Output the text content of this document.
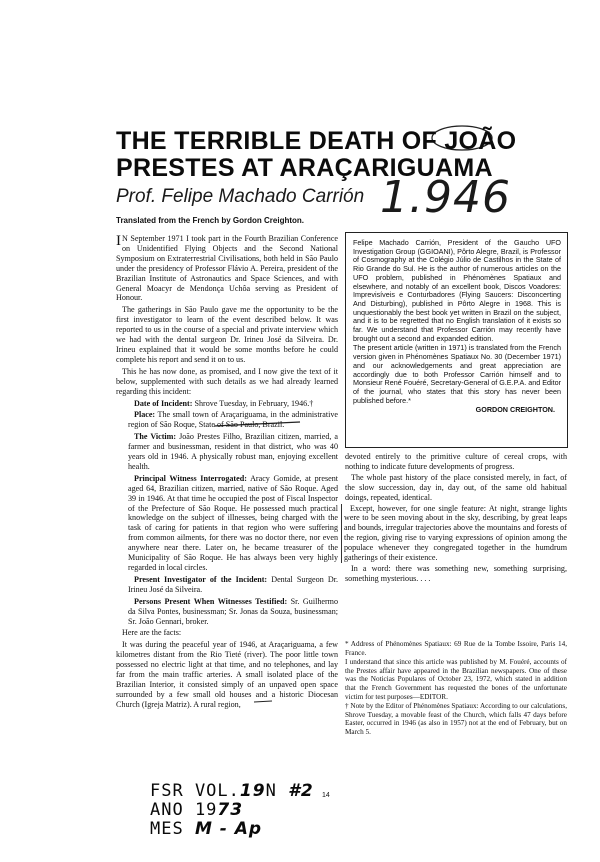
THE TERRIBLE DEATH OF JOÃO
PRESTES AT ARAÇARIGUAMA
Prof. Felipe Machado Carrión 1.946
Translated from the French by Gordon Creighton.

I N September 1971 I took part in the Fourth Brazilian Conference on Unidentified Flying Objects and the Second National Symposium on Extraterrestrial Civilisations, both held in São Paulo under the presidency of Professor Flávio A. Pereira, president of the Brazilian Institute of Astronautics and Space Sciences, and with General Moacyr de Mendonça Uchôa serving as President of Honour.

The gatherings in São Paulo gave me the opportunity to be the first investigator to learn of the event described below. It was reported to us in the course of a special and private interview which we had with the dental surgeon Dr. Irineu José da Silveira. Dr. Irineu explained that it would be some months before he could complete his report and send it on to us.

This he has now done, as promised, and I now give the text of it below, supplemented with such details as we had already learned regarding this incident:

Date of Incident: Shrove Tuesday, in February, 1946.†

Place: The small town of Araçariguama, in the administrative region of São Roque, State of São Paulo, Brazil.

The Victim: João Prestes Filho, Brazilian citizen, married, a farmer and businessman, resident in that district, who was 40 years old in 1946. A physically robust man, enjoying excellent health.

Principal Witness Interrogated: Aracy Gomide, at present aged 64, Brazilian citizen, married, native of São Roque. Aged 39 in 1946. At that time he occupied the post of Fiscal Inspector of the Prefecture of São Roque. He possessed much practical knowledge on the subject of illnesses, being charged with the task of caring for patients in that region who were suffering from common ailments, for there was no doctor there, nor even anywhere near there. Later on, he became treasurer of the Municipality of São Roque. He has always been very highly regarded in local circles.

Present Investigator of the Incident: Dental Surgeon Dr. Irineu José da Silveira.

Persons Present When Witnesses Testified: Sr. Guilhermo da Silva Pontes, businessman; Sr. Jonas da Souza, businessman; Sr. João Gennari, broker.

Here are the facts:

It was during the peaceful year of 1946, at Araçariguama, a few kilometres distant from the Rio Tieté (river). The poor little town possessed no electric light at that time, and no telephones, and lay far from the main traffic arteries. A small isolated place of the Brazilian Interior, it consisted simply of an unpaved open space surrounded by a few small old houses and a historic Diocesan Church (Igreja Matriz). A rural region,

Felipe Machado Carrión, President of the Gaucho UFO Investigation Group (GGIOANI), Pôrto Alegre, Brazil, is Professor of Cosmography at the Colégio Júlio de Castilhos in the State of Rio Grande do Sul. He is the author of numerous articles on the UFO problem, published in Phénomènes Spatiaux and elsewhere, and notably of an excellent book, Discos Voadores: Imprevisíveis e Conturbadores (Flying Saucers: Disconcerting And Disturbing), published in Pôrto Alegre in 1968. This is unquestionably the best book yet written in Brazil on the subject, and it is to be regretted that no English translation of it exists so far. We understand that Professor Carrión may recently have brought out a second and expanded edition.

The present article (written in 1971) is translated from the French version given in Phénomènes Spatiaux No. 30 (December 1971) and our acknowledgements and great appreciation are accordingly due to both Professor Carrión himself and to Monsieur René Fouéré, Secretary-General of G.E.P.A. and Editor of the journal, who states that this story has never been published before.*

GORDON CREIGHTON.

devoted entirely to the primitive culture of cereal crops, with nothing to indicate future developments of progress.

The whole past history of the place consisted merely, in fact, of the slow succession, day in, day out, of the same old habitual doings, repeated, identical.

Except, however, for one single feature: At night, strange lights were to be seen moving about in the sky, describing, by great leaps and bounds, irregular trajectories above the mountains and forests of the region, giving rise to varying expressions of opinion among the populace whenever they congregated together in the humdrum gatherings of their existence.

In a word: there was something new, something surprising, something mysterious. . . .

* Address of Phénomènes Spatiaux: 69 Rue de la Tombe Issoire, Paris 14, France.

I understand that since this article was published by M. Fouéré, accounts of the Prestes affair have appeared in the Brazilian newspapers. One of these was the Noticias Populares of October 23, 1972, which stated in addition that the French Government has requested the bones of the unfortunate victim for test purposes—EDITOR.

† Note by the Editor of Phénomènes Spatiaux: According to our calculations, Shrove Tuesday, a movable feast of the Church, which falls 47 days before Easter, occurred in 1946 (as also in 1957) not at the end of February, but on March 5.

14
FSR VOL.19N #2
ANO 1973
MES M - Ap
